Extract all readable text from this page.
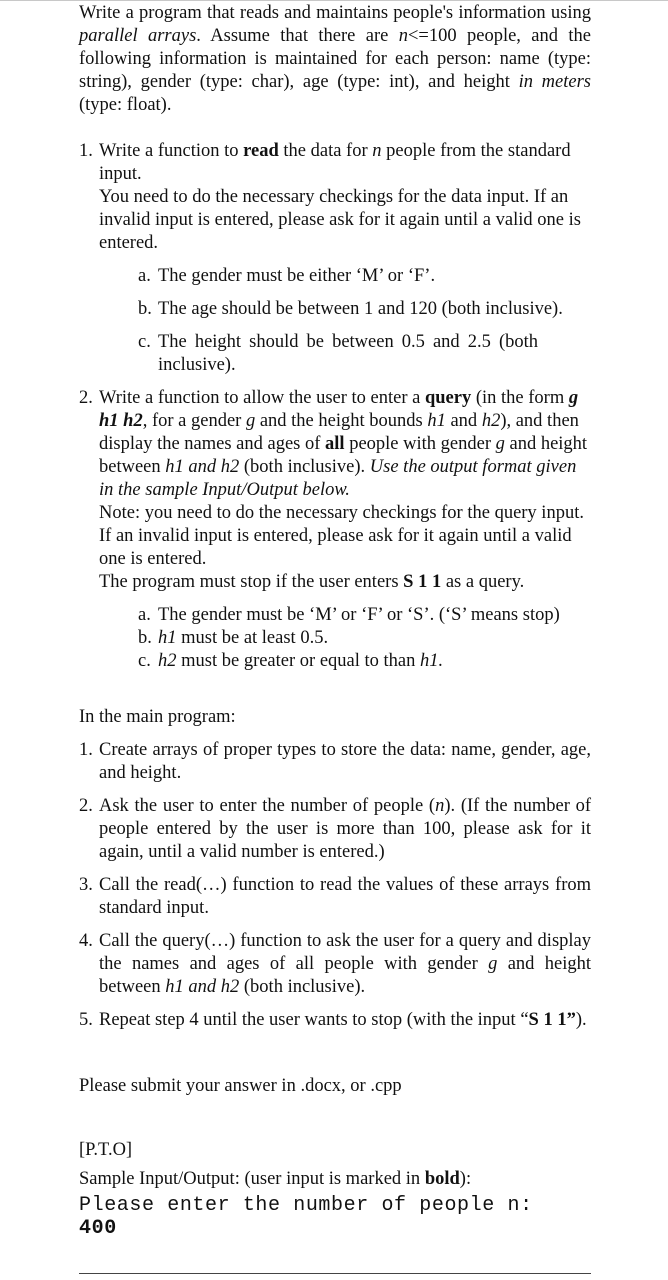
Write a program that reads and maintains people's information using parallel arrays. Assume that there are n<=100 people, and the following information is maintained for each person: name (type: string), gender (type: char), age (type: int), and height in meters (type: float).

1. Write a function to read the data for n people from the standard input.
You need to do the necessary checkings for the data input. If an invalid input is entered, please ask for it again until a valid one is entered.
a. The gender must be either ‘M’ or ‘F’.
b. The age should be between 1 and 120 (both inclusive).
c. The height should be between 0.5 and 2.5 (both inclusive).
2. Write a function to allow the user to enter a query (in the form g h1 h2, for a gender g and the height bounds h1 and h2), and then display the names and ages of all people with gender g and height between h1 and h2 (both inclusive). Use the output format given in the sample Input/Output below.
Note: you need to do the necessary checkings for the query input. If an invalid input is entered, please ask for it again until a valid one is entered.
The program must stop if the user enters S 1 1 as a query.
a. The gender must be ‘M’ or ‘F’ or ‘S’. (‘S’ means stop)
b. h1 must be at least 0.5.
c. h2 must be greater or equal to than h1.
In the main program:
1. Create arrays of proper types to store the data: name, gender, age, and height.
2. Ask the user to enter the number of people (n). (If the number of people entered by the user is more than 100, please ask for it again, until a valid number is entered.)
3. Call the read(…) function to read the values of these arrays from standard input.
4. Call the query(…) function to ask the user for a query and display the names and ages of all people with gender g and height between h1 and h2 (both inclusive).
5. Repeat step 4 until the user wants to stop (with the input “S 1 1”).
Please submit your answer in .docx, or .cpp
[P.T.O]
Sample Input/Output: (user input is marked in bold):
Please enter the number of people n:
400
